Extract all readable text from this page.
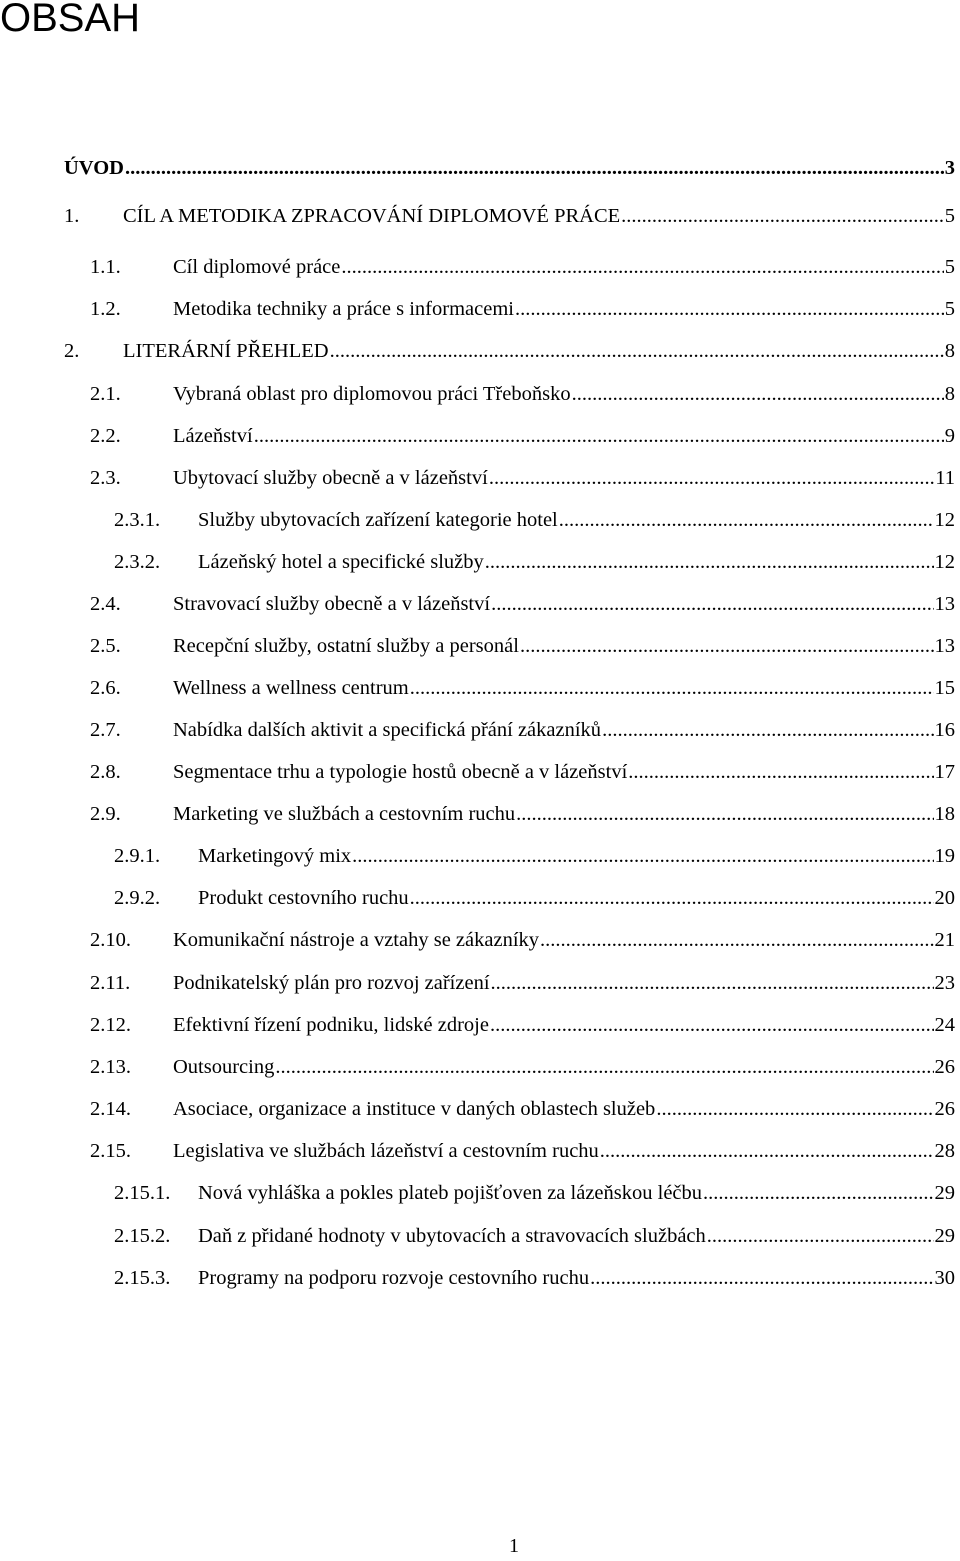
OBSAH
ÚVOD .....	3
1.	CÍL A METODIKA ZPRACOVÁNÍ DIPLOMOVÉ PRÁCE .....	5
1.1.	Cíl diplomové práce .....	5
1.2.	Metodika techniky a práce s informacemi .....	5
2.	LITERÁRNÍ PŘEHLED .....	8
2.1.	Vybraná oblast pro diplomovou práci Třeboňsko .....	8
2.2.	Lázeňství .....	9
2.3.	Ubytovací služby obecně a v lázeňství .....	11
2.3.1.	Služby ubytovacích zařízení kategorie hotel .....	12
2.3.2.	Lázeňský hotel a specifické služby .....	12
2.4.	Stravovací služby obecně a v lázeňství .....	13
2.5.	Recepční služby, ostatní služby a personál .....	13
2.6.	Wellness a wellness centrum .....	15
2.7.	Nabídka dalších aktivit a specifická přání zákazníků .....	16
2.8.	Segmentace trhu a typologie hostů obecně a v lázeňství .....	17
2.9.	Marketing ve službách a cestovním ruchu .....	18
2.9.1.	Marketingový mix .....	19
2.9.2.	Produkt cestovního ruchu .....	20
2.10.	Komunikační nástroje a vztahy se zákazníky .....	21
2.11.	Podnikatelský plán pro rozvoj zařízení .....	23
2.12.	Efektivní řízení podniku, lidské zdroje .....	24
2.13.	Outsourcing .....	26
2.14.	Asociace, organizace a instituce v daných oblastech služeb .....	26
2.15.	Legislativa ve službách lázeňství a cestovním ruchu .....	28
2.15.1.	Nová vyhláška a pokles plateb pojišťoven za lázeňskou léčbu .....	29
2.15.2.	Daň z přidané hodnoty v ubytovacích a stravovacích službách .....	29
2.15.3.	Programy na podporu rozvoje cestovního ruchu .....	30
1
